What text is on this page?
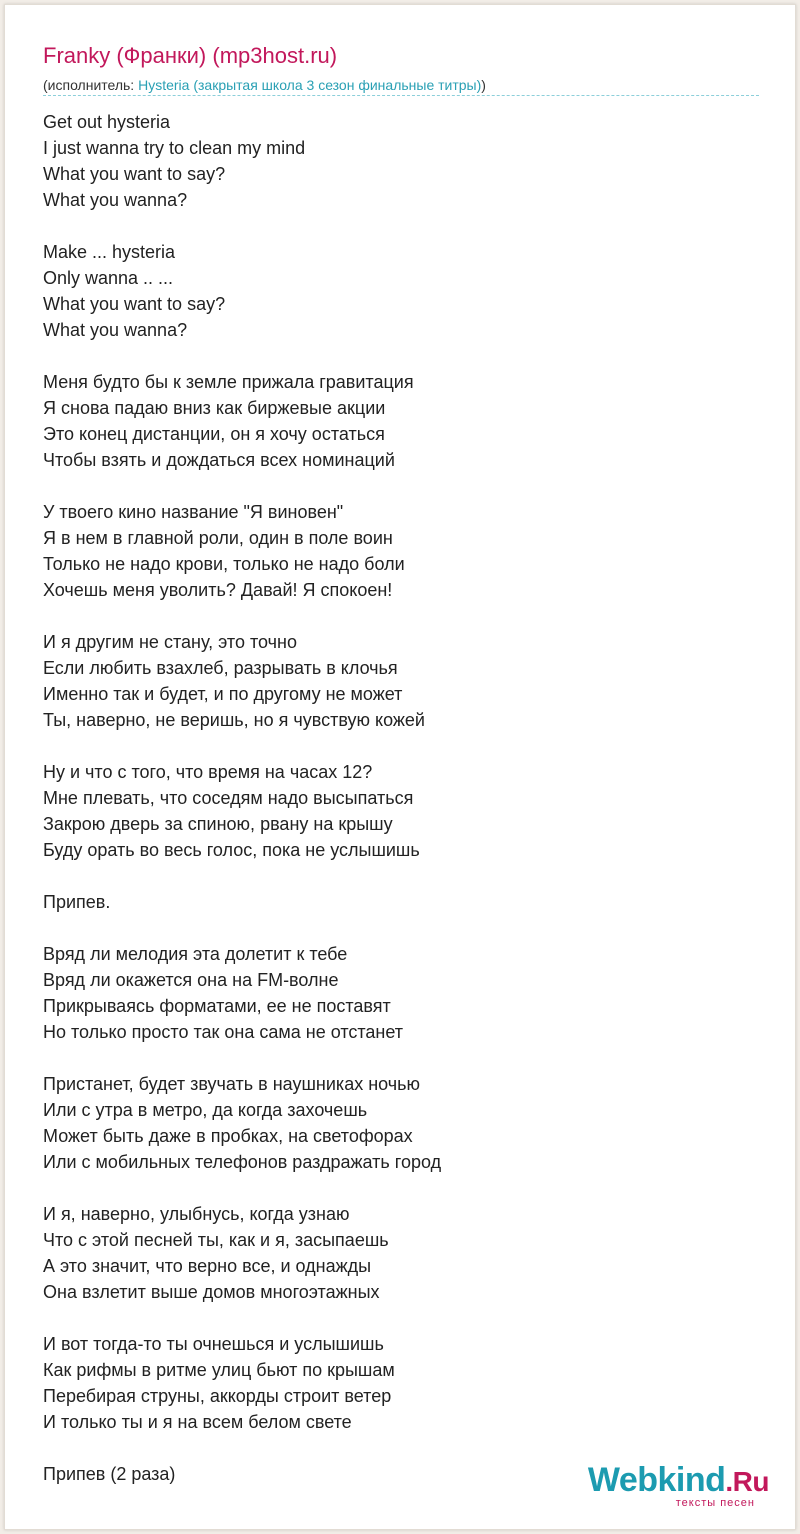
Franky (Франки) (mp3host.ru)
(исполнитель: Hysteria (закрытая школа 3 сезон финальные титры))
Get out hysteria
I just wanna try to clean my mind
What you want to say?
What you wanna?
Make ... hysteria
Only wanna .. ...
What you want to say?
What you wanna?
Меня будто бы к земле прижала гравитация
Я снова падаю вниз как биржевые акции
Это конец дистанции, он я хочу остаться
Чтобы взять и дождаться всех номинаций
У твоего кино название "Я виновен"
Я в нем в главной роли, один в поле воин
Только не надо крови, только не надо боли
Хочешь меня уволить? Давай! Я спокоен!
И я другим не стану, это точно
Если любить взахлеб, разрывать в клочья
Именно так и будет, и по другому не может
Ты, наверно, не веришь, но я чувствую кожей
Ну и что с того, что время на часах 12?
Мне плевать, что соседям надо высыпаться
Закрою дверь за спиною, рвану на крышу
Буду орать во весь голос, пока не услышишь
Припев.
Вряд ли мелодия эта долетит к тебе
Вряд ли окажется она на FM-волне
Прикрываясь форматами, ее не поставят
Но только просто так она сама не отстанет
Пристанет, будет звучать в наушниках ночью
Или с утра в метро, да когда захочешь
Может быть даже в пробках, на светофорах
Или с мобильных телефонов раздражать город
И я, наверно, улыбнусь, когда узнаю
Что с этой песней ты, как и я, засыпаешь
А это значит, что верно все, и однажды
Она взлетит выше домов многоэтажных
И вот тогда-то ты очнешься и услышишь
Как рифмы в ритме улиц бьют по крышам
Перебирая струны, аккорды строит ветер
И только ты и я на всем белом свете
Припев (2 раза)	Webkind.Ru
тексты песен
